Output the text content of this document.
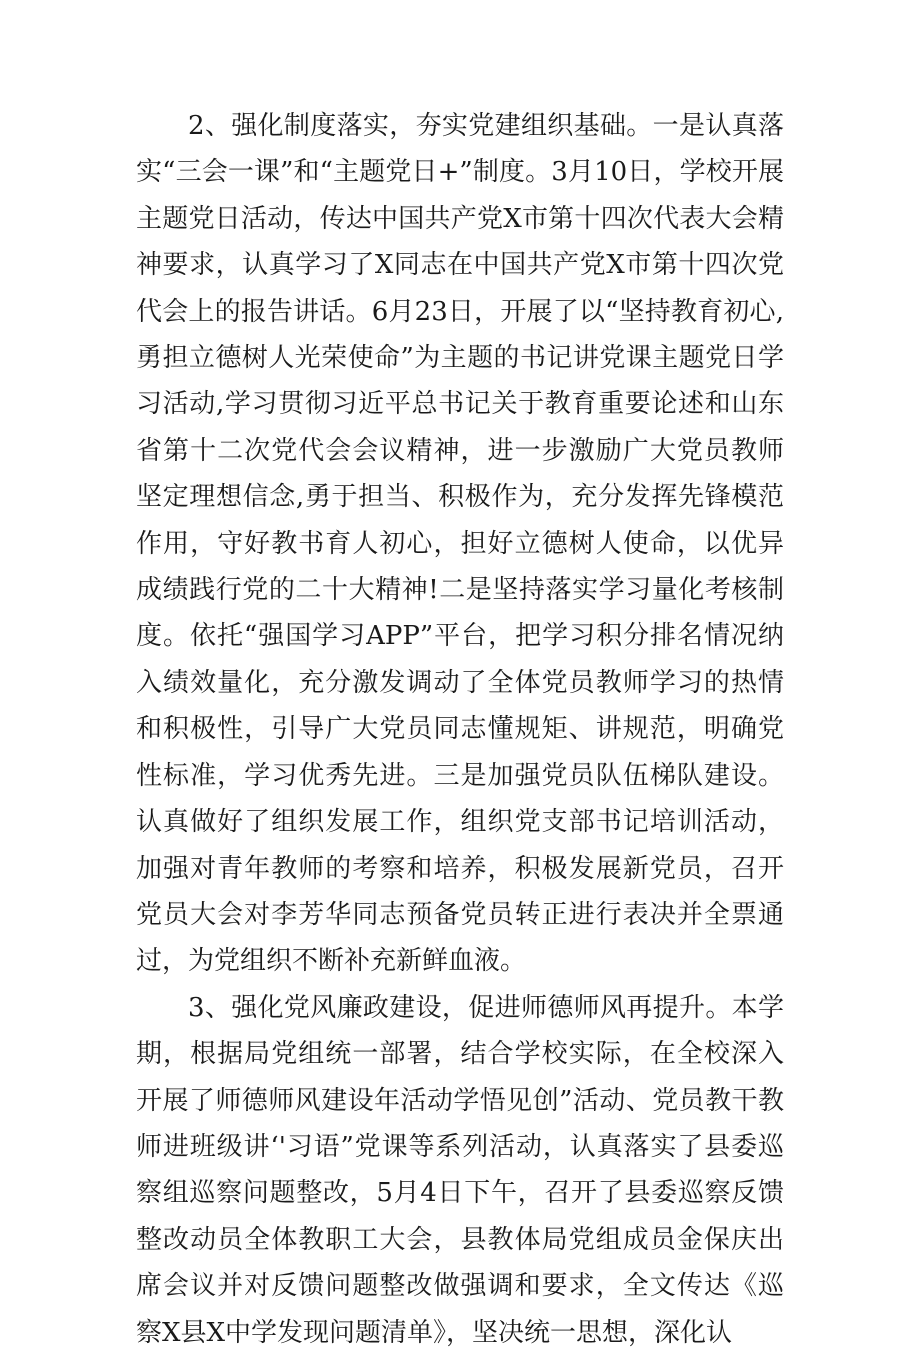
2、强化制度落实，夯实党建组织基础。一是认真落实“三会一课”和“主题党日+”制度。3月10日，学校开展主题党日活动，传达中国共产党X市第十四次代表大会精神要求，认真学习了X同志在中国共产党X市第十四次党代会上的报告讲话。6月23日，开展了以“坚持教育初心,勇担立德树人光荣使命”为主题的书记讲党课主题党日学习活动,学习贯彻习近平总书记关于教育重要论述和山东省第十二次党代会会议精神，进一步激励广大党员教师坚定理想信念,勇于担当、积极作为，充分发挥先锋模范作用，守好教书育人初心，担好立德树人使命，以优异成绩践行党的二十大精神!二是坚持落实学习量化考核制度。依托“强国学习APP”平台，把学习积分排名情况纳入绩效量化，充分激发调动了全体党员教师学习的热情和积极性，引导广大党员同志懂规矩、讲规范，明确党性标准，学习优秀先进。三是加强党员队伍梯队建设。认真做好了组织发展工作，组织党支部书记培训活动，加强对青年教师的考察和培养，积极发展新党员，召开党员大会对李芳华同志预备党员转正进行表决并全票通过，为党组织不断补充新鲜血液。

3、强化党风廉政建设，促进师德师风再提升。本学期，根据局党组统一部署，结合学校实际，在全校深入开展了师德师风建设年活动学悟见创”活动、党员教干教师进班级讲‘'习语”党课等系列活动，认真落实了县委巡察组巡察问题整改，5月4日下午，召开了县委巡察反馈整改动员全体教职工大会，县教体局党组成员金保庆出席会议并对反馈问题整改做强调和要求，全文传达《巡察X县X中学发现问题清单》，坚决统一思想，深化认
